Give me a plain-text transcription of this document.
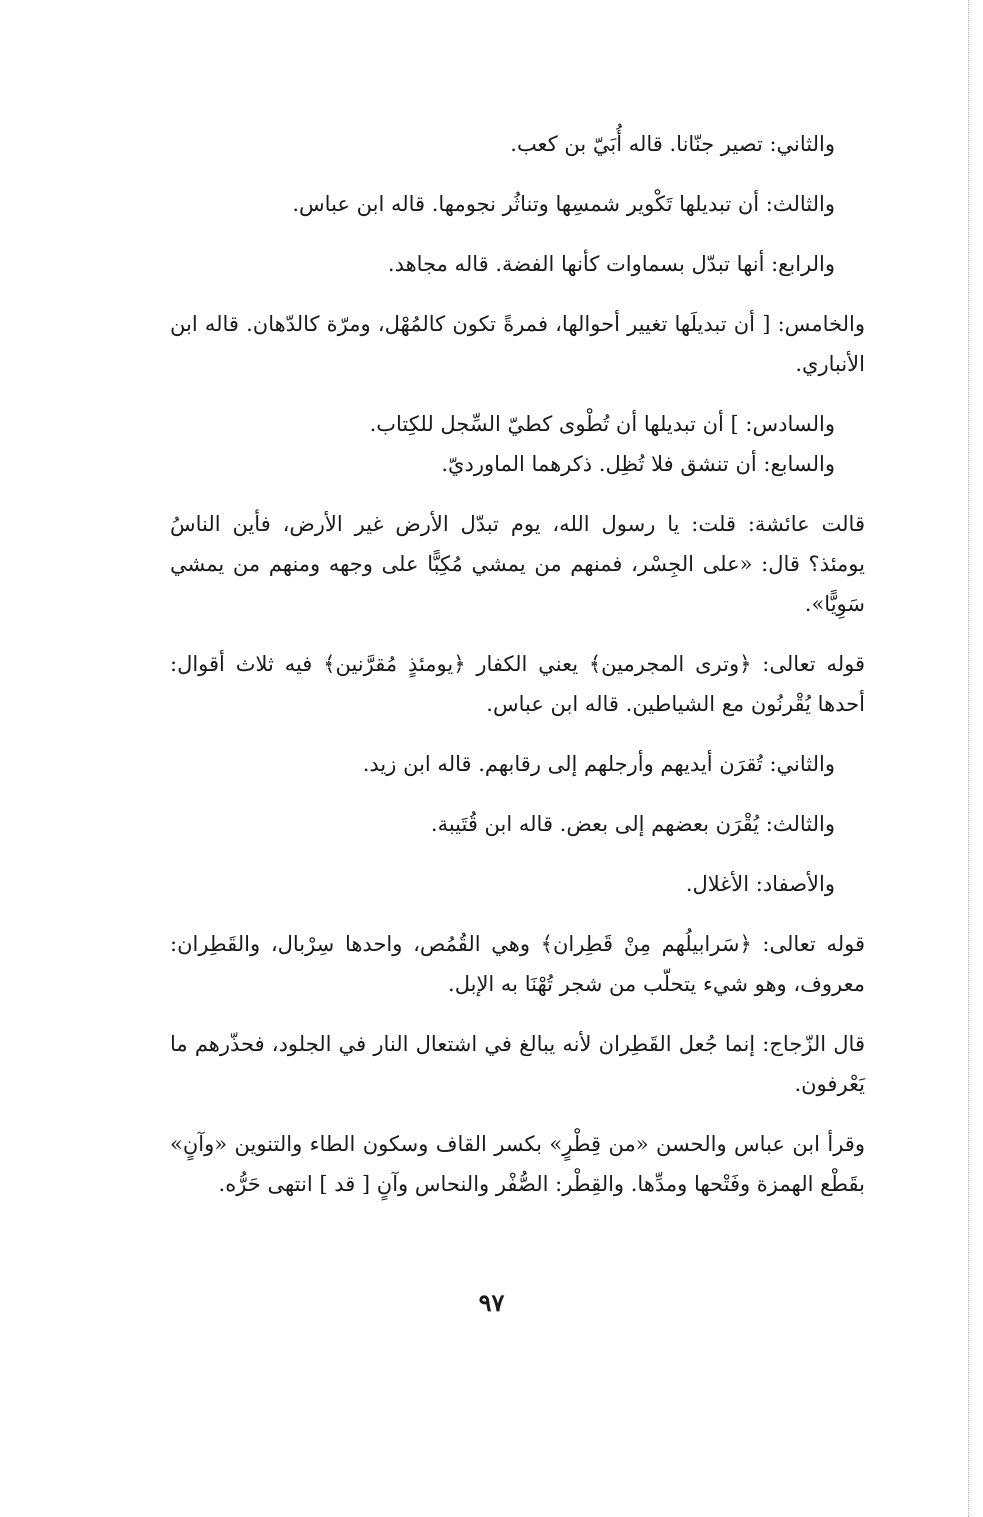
والثاني: تصير جنّانا. قاله أُبَيّ بن كعب.

والثالث: أن تبديلها تَكْوير شمسِها وتناثُر نجومها. قاله ابن عباس.

والرابع: أنها تبدّل بسماوات كأنها الفضة. قاله مجاهد.

والخامس: [ أن تبديلَها تغيير أحوالها، فمرةً تكون كالمُهْل، ومرّة كالدّهان. قاله ابن الأنباري.

والسادس: ] أن تبديلها أن تُطْوى كطيّ السِّجل للكِتاب.

والسابع: أن تنشق فلا تُظِل. ذكرهما الماورديّ.

قالت عائشة: قلت: يا رسول الله، يوم تبدّل الأرض غير الأرض، فأين الناسُ يومئذ؟ قال: «على الجِسْر، فمنهم من يمشي مُكِبًّا على وجهه ومنهم من يمشي سَوِيًّا».

قوله تعالى: ﴿وترى المجرمين﴾ يعني الكفار ﴿يومئذٍ مُقرَّنين﴾ فيه ثلاث أقوال: أحدها يُقْرنُون مع الشياطين. قاله ابن عباس.

والثاني: تُقرَن أيديهم وأرجلهم إلى رقابهم. قاله ابن زيد.

والثالث: يُقْرَن بعضهم إلى بعض. قاله ابن قُتَيبة.

والأصفاد: الأغلال.

قوله تعالى: ﴿سَرابيلُهم مِنْ قَطِران﴾ وهي القُمُص، واحدها سِرْبال، والقَطِران: معروف، وهو شيء يتحلّب من شجر تُهْنَا به الإبل.

قال الزّجاج: إنما جُعل القَطِران لأنه يبالغ في اشتعال النار في الجلود، فحذّرهم ما يَعْرفون.

وقرأ ابن عباس والحسن «من قِطْرٍ» بكسر القاف وسكون الطاء والتنوين «وآنٍ» بقَطْع الهمزة وفَتْحها ومدِّها. والقِطْر: الصُّفْر والنحاس وآنٍ [ قد ] انتهى حَرُّه.

٩٧
